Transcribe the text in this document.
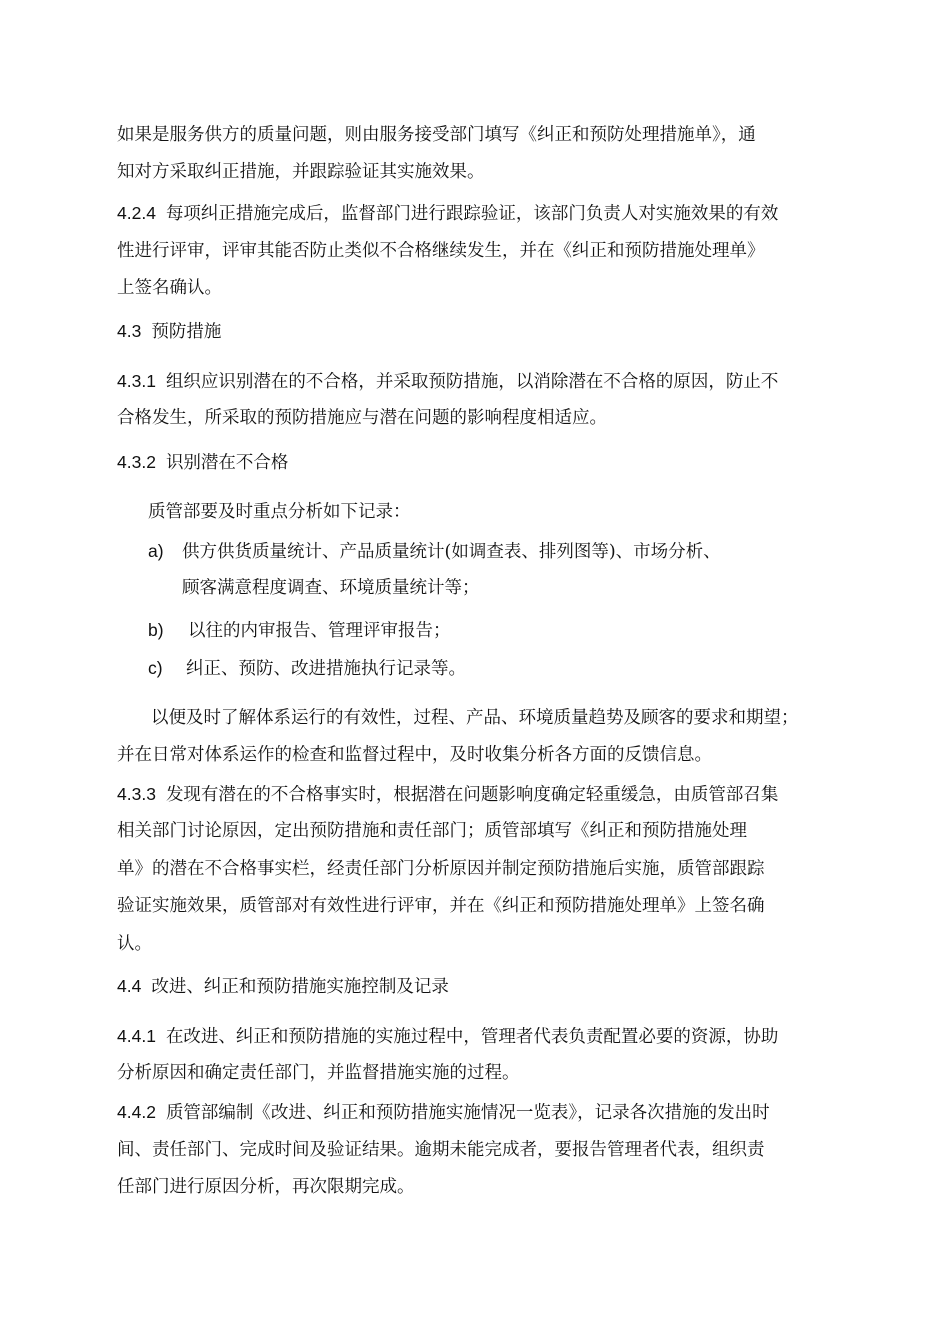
如果是服务供方的质量问题，则由服务接受部门填写《纠正和预防处理措施单》，通
知对方采取纠正措施，并跟踪验证其实施效果。
4.2.4 每项纠正措施完成后，监督部门进行跟踪验证，该部门负责人对实施效果的有效
性进行评审，评审其能否防止类似不合格继续发生，并在《纠正和预防措施处理单》
上签名确认。
4.3 预防措施
4.3.1 组织应识别潜在的不合格，并采取预防措施，以消除潜在不合格的原因，防止不
合格发生，所采取的预防措施应与潜在问题的影响程度相适应。
4.3.2 识别潜在不合格
质管部要及时重点分析如下记录：
a) 供方供货质量统计、产品质量统计(如调查表、排列图等)、市场分析、
顾客满意程度调查、环境质量统计等；
b) 以往的内审报告、管理评审报告；
c) 纠正、预防、改进措施执行记录等。
以便及时了解体系运行的有效性，过程、产品、环境质量趋势及顾客的要求和期望；
并在日常对体系运作的检查和监督过程中，及时收集分析各方面的反馈信息。
4.3.3 发现有潜在的不合格事实时，根据潜在问题影响度确定轻重缓急，由质管部召集
相关部门讨论原因，定出预防措施和责任部门；质管部填写《纠正和预防措施处理
单》的潜在不合格事实栏，经责任部门分析原因并制定预防措施后实施，质管部跟踪
验证实施效果，质管部对有效性进行评审，并在《纠正和预防措施处理单》上签名确
认。
4.4 改进、纠正和预防措施实施控制及记录
4.4.1 在改进、纠正和预防措施的实施过程中，管理者代表负责配置必要的资源，协助
分析原因和确定责任部门，并监督措施实施的过程。
4.4.2 质管部编制《改进、纠正和预防措施实施情况一览表》，记录各次措施的发出时
间、责任部门、完成时间及验证结果。逾期未能完成者，要报告管理者代表，组织责
任部门进行原因分析，再次限期完成。
